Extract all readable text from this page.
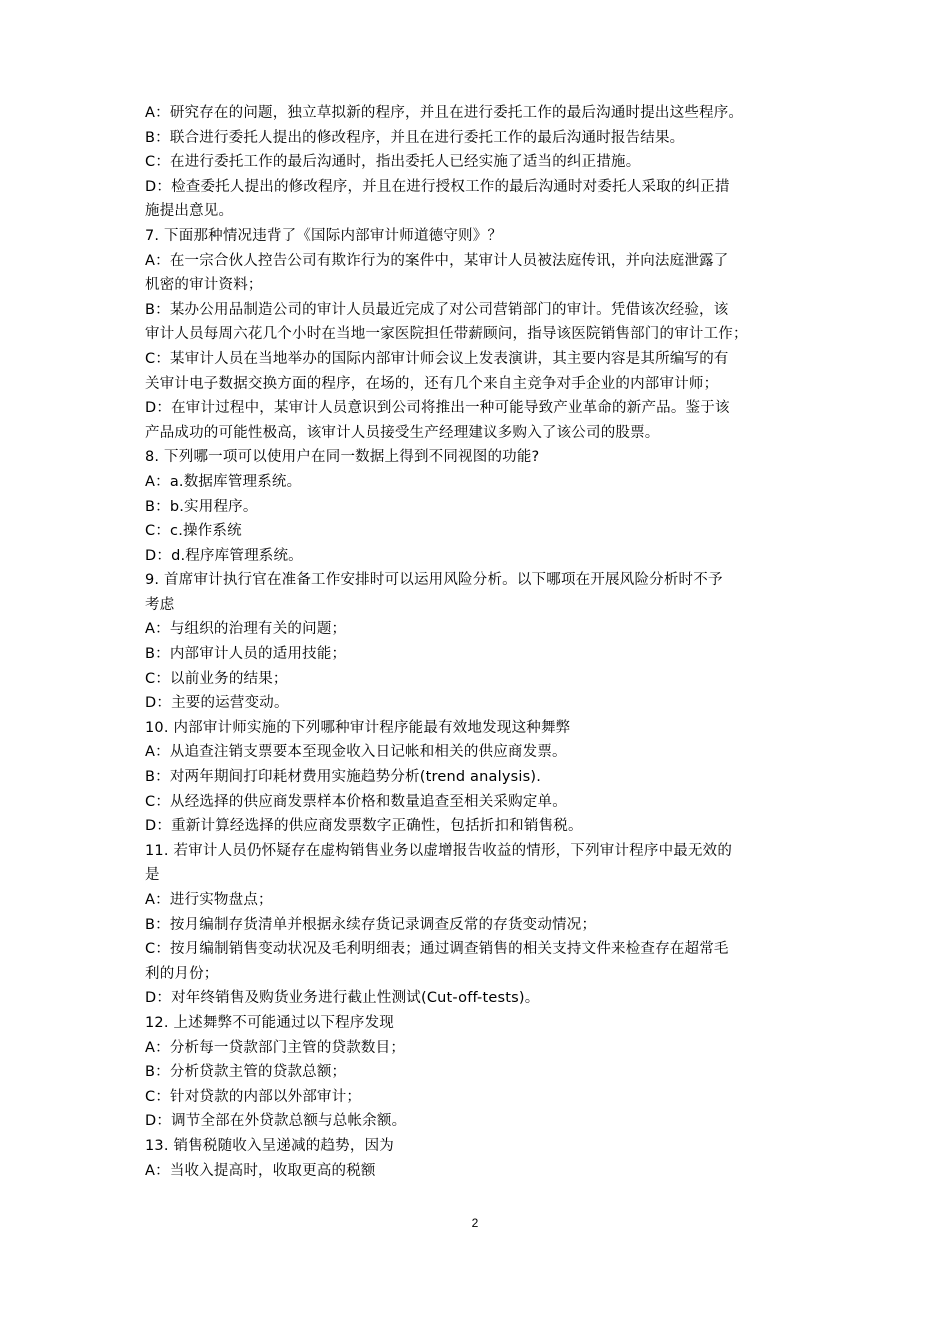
A：研究存在的问题，独立草拟新的程序，并且在进行委托工作的最后沟通时提出这些程序。
B：联合进行委托人提出的修改程序，并且在进行委托工作的最后沟通时报告结果。
C：在进行委托工作的最后沟通时，指出委托人已经实施了适当的纠正措施。
D：检查委托人提出的修改程序，并且在进行授权工作的最后沟通时对委托人采取的纠正措
施提出意见。
7. 下面那种情况违背了《国际内部审计师道德守则》？
A：在一宗合伙人控告公司有欺诈行为的案件中，某审计人员被法庭传讯，并向法庭泄露了
机密的审计资料；
B：某办公用品制造公司的审计人员最近完成了对公司营销部门的审计。凭借该次经验，该
审计人员每周六花几个小时在当地一家医院担任带薪顾问，指导该医院销售部门的审计工作；
C：某审计人员在当地举办的国际内部审计师会议上发表演讲，其主要内容是其所编写的有
关审计电子数据交换方面的程序，在场的，还有几个来自主竞争对手企业的内部审计师；
D：在审计过程中，某审计人员意识到公司将推出一种可能导致产业革命的新产品。鉴于该
产品成功的可能性极高，该审计人员接受生产经理建议多购入了该公司的股票。
8. 下列哪一项可以使用户在同一数据上得到不同视图的功能?
A：a.数据库管理系统。
B：b.实用程序。
C：c.操作系统
D：d.程序库管理系统。
9. 首席审计执行官在准备工作安排时可以运用风险分析。以下哪项在开展风险分析时不予
考虑
A：与组织的治理有关的问题；
B：内部审计人员的适用技能；
C：以前业务的结果；
D：主要的运营变动。
10. 内部审计师实施的下列哪种审计程序能最有效地发现这种舞弊
A：从追查注销支票要本至现金收入日记帐和相关的供应商发票。
B：对两年期间打印耗材费用实施趋势分析(trend analysis).
C：从经选择的供应商发票样本价格和数量追查至相关采购定单。
D：重新计算经选择的供应商发票数字正确性，包括折扣和销售税。
11. 若审计人员仍怀疑存在虚构销售业务以虚增报告收益的情形，下列审计程序中最无效的
是
A：进行实物盘点；
B：按月编制存货清单并根据永续存货记录调查反常的存货变动情况；
C：按月编制销售变动状况及毛利明细表；通过调查销售的相关支持文件来检查存在超常毛
利的月份；
D：对年终销售及购货业务进行截止性测试(Cut-off-tests)。
12. 上述舞弊不可能通过以下程序发现
A：分析每一贷款部门主管的贷款数目；
B：分析贷款主管的贷款总额；
C：针对贷款的内部以外部审计；
D：调节全部在外贷款总额与总帐余额。
13. 销售税随收入呈递减的趋势，因为
A：当收入提高时，收取更高的税额
2
